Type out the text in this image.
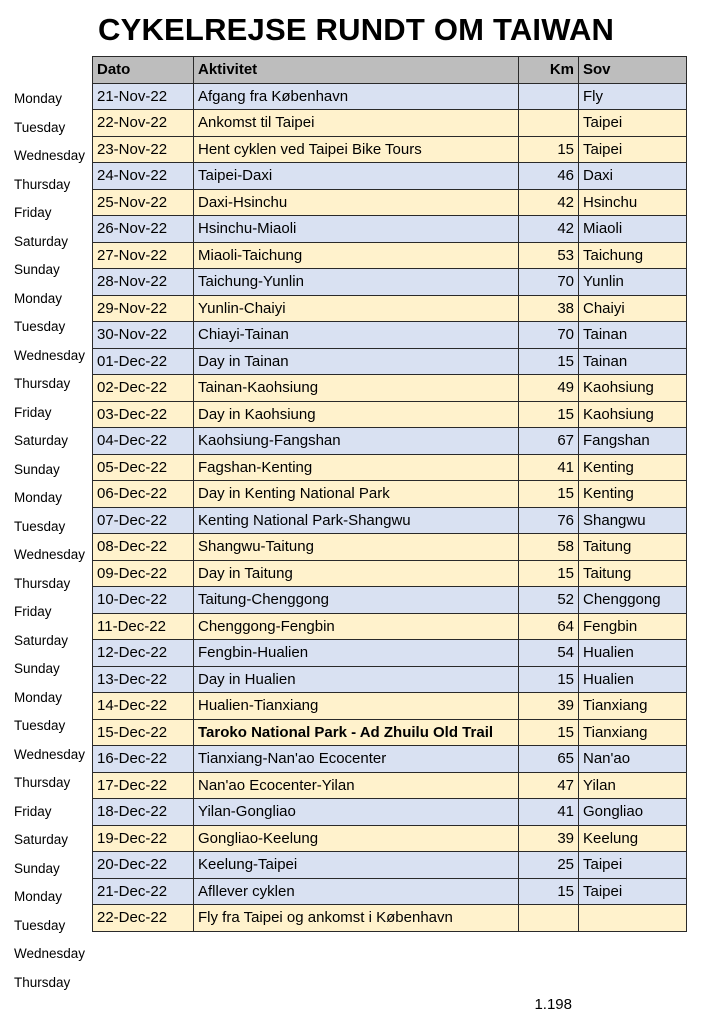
CYKELREJSE RUNDT OM TAIWAN
Monday
Tuesday
Wednesday
Thursday
Friday
Saturday
Sunday
Monday
Tuesday
Wednesday
Thursday
Friday
Saturday
Sunday
Monday
Tuesday
Wednesday
Thursday
Friday
Saturday
Sunday
Monday
Tuesday
Wednesday
Thursday
Friday
Saturday
Sunday
Monday
Tuesday
Wednesday
Thursday
Dato	Aktivitet	Km	Sov
21-Nov-22	Afgang fra København		Fly
22-Nov-22	Ankomst til Taipei		Taipei
23-Nov-22	Hent cyklen ved Taipei Bike Tours	15	Taipei
24-Nov-22	Taipei-Daxi	46	Daxi
25-Nov-22	Daxi-Hsinchu	42	Hsinchu
26-Nov-22	Hsinchu-Miaoli	42	Miaoli
27-Nov-22	Miaoli-Taichung	53	Taichung
28-Nov-22	Taichung-Yunlin	70	Yunlin
29-Nov-22	Yunlin-Chaiyi	38	Chaiyi
30-Nov-22	Chiayi-Tainan	70	Tainan
01-Dec-22	Day in Tainan	15	Tainan
02-Dec-22	Tainan-Kaohsiung	49	Kaohsiung
03-Dec-22	Day in Kaohsiung	15	Kaohsiung
04-Dec-22	Kaohsiung-Fangshan	67	Fangshan
05-Dec-22	Fagshan-Kenting	41	Kenting
06-Dec-22	Day in Kenting National Park	15	Kenting
07-Dec-22	Kenting National Park-Shangwu	76	Shangwu
08-Dec-22	Shangwu-Taitung	58	Taitung
09-Dec-22	Day in Taitung	15	Taitung
10-Dec-22	Taitung-Chenggong	52	Chenggong
11-Dec-22	Chenggong-Fengbin	64	Fengbin
12-Dec-22	Fengbin-Hualien	54	Hualien
13-Dec-22	Day in Hualien	15	Hualien
14-Dec-22	Hualien-Tianxiang	39	Tianxiang
15-Dec-22	Taroko National Park - Ad Zhuilu Old Trail	15	Tianxiang
16-Dec-22	Tianxiang-Nan'ao Ecocenter	65	Nan'ao
17-Dec-22	Nan'ao Ecocenter-Yilan	47	Yilan
18-Dec-22	Yilan-Gongliao	41	Gongliao
19-Dec-22	Gongliao-Keelung	39	Keelung
20-Dec-22	Keelung-Taipei	25	Taipei
21-Dec-22	Afllever cyklen	15	Taipei
22-Dec-22	Fly fra Taipei og ankomst i København		
1.198
